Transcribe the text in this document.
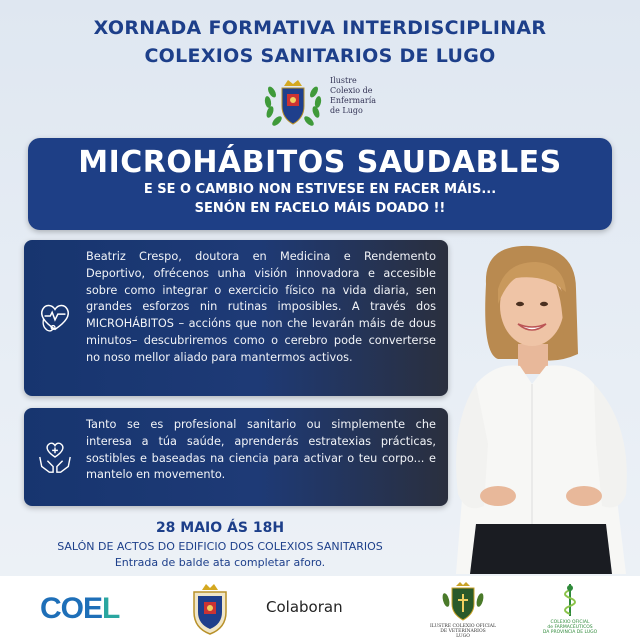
XORNADA FORMATIVA INTERDISCIPLINAR
COLEXIOS SANITARIOS DE LUGO
Ilustre
Colexio de
Enfermaría
de Lugo
MICROHÁBITOS SAUDABLES
E SE O CAMBIO NON ESTIVESE EN FACER MÁIS...
SENÓN EN FACELO MÁIS DOADO !!

Beatriz Crespo, doutora en Medicina e Rendemento Deportivo, ofrécenos unha visión innovadora e accesible sobre como integrar o exercicio físico na vida diaria, sen grandes esforzos nin rutinas imposibles. A través dos MICROHÁBITOS – accións que non che levarán máis de dous minutos– descubriremos como o cerebro pode converterse no noso mellor aliado para mantermos activos.

Tanto se es profesional sanitario ou simplemente che interesa a túa saúde, aprenderás estratexias prácticas, sostibles e baseadas na ciencia para activar o teu corpo... e mantelo en movemento.

28 MAIO ÁS 18H
SALÓN DE ACTOS DO EDIFICIO DOS COLEXIOS SANITARIOS
Entrada de balde ata completar aforo.
COEL	Colaboran
ILUSTRE COLEXIO OFICIAL
DE VETERINARIOS
LUGO
COLEXIO OFICIAL
de FARMACÉUTICOS
DA PROVINCIA DE LUGO
